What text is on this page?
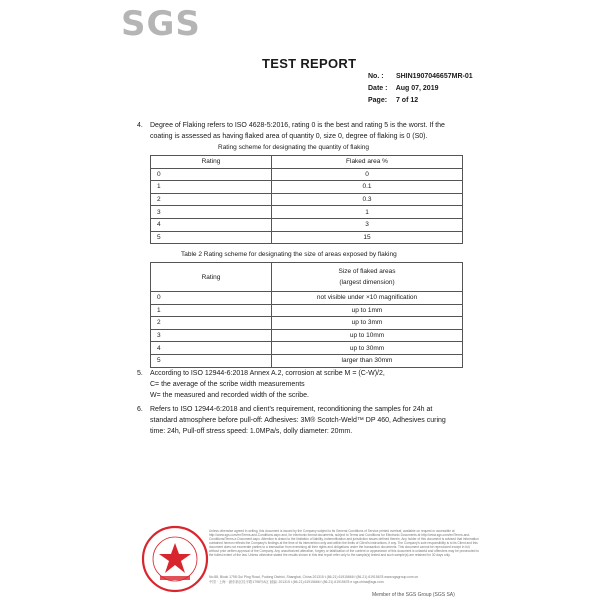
SGS
TEST REPORT
No. : SHIN1907046657MR-01
Date : Aug 07, 2019
Page: 7 of 12
4. Degree of Flaking refers to ISO 4628-5:2016, rating 0 is the best and rating 5 is the worst. If the
coating is assessed as having flaked area of quantity 0, size 0, degree of flaking is 0 (S0).
Rating scheme for designating the quantity of flaking
Rating	Flaked area %
0	0
1	0.1
2	0.3
3	1
4	3
5	15
Table 2 Rating scheme for designating the size of areas exposed by flaking
Rating	Size of flaked areas
(largest dimension)

0	not visible under ×10 magnification
1	up to 1mm
2	up to 3mm
3	up to 10mm
4	up to 30mm
5	larger than 30mm
5. According to ISO 12944-6:2018 Annex A.2, corrosion at scribe M = (C-W)/2,
C= the average of the scribe width measurements
W= the measured and recorded width of the scribe.
6. Refers to ISO 12944-6:2018 and client's requirement, reconditioning the samples for 24h at
standard atmosphere before pull-off: Adhesives: 3M® Scotch-Weld™ DP 460, Adhesives curing
time: 24h, Pull-off stress speed: 1.0MPa/s, dolly diameter: 20mm.
Unless otherwise agreed in writing, this document is issued by the Company subject to its General Conditions of Service printed overleaf, available on request or accessible at http://www.sgs.com/en/Terms-and-Conditions.aspx and, for electronic format documents, subject to Terms and Conditions for Electronic Documents at http://www.sgs.com/en/Terms-and-Conditions/Terms-e-Document.aspx. Attention is drawn to the limitation of liability, indemnification and jurisdiction issues defined therein. Any holder of this document is advised that information contained hereon reflects the Company's findings at the time of its intervention only and within the limits of Client's instructions, if any. The Company's sole responsibility is to its Client and this document does not exonerate parties to a transaction from exercising all their rights and obligations under the transaction documents. This document cannot be reproduced except in full, without prior written approval of the Company. Any unauthorized alteration, forgery or falsification of the content or appearance of this document is unlawful and offenders may be prosecuted to the fullest extent of the law. Unless otherwise stated the results shown in this test report refer only to the sample(s) tested and such sample(s) are retained for 30 days only.
No.88, Block 1798 Gui Ping Road, Pudong District, Shanghai, China 201315 t (86-21) 61915666 f (86-21) 61915678 www.sgsgroup.com.cn
中国 · 上海 · 浦东新区桂平路1798号A区 邮编: 201315 t (86-21) 61915666 f (86-21) 61915678 e sgs.china@sgs.com
Member of the SGS Group (SGS SA)
